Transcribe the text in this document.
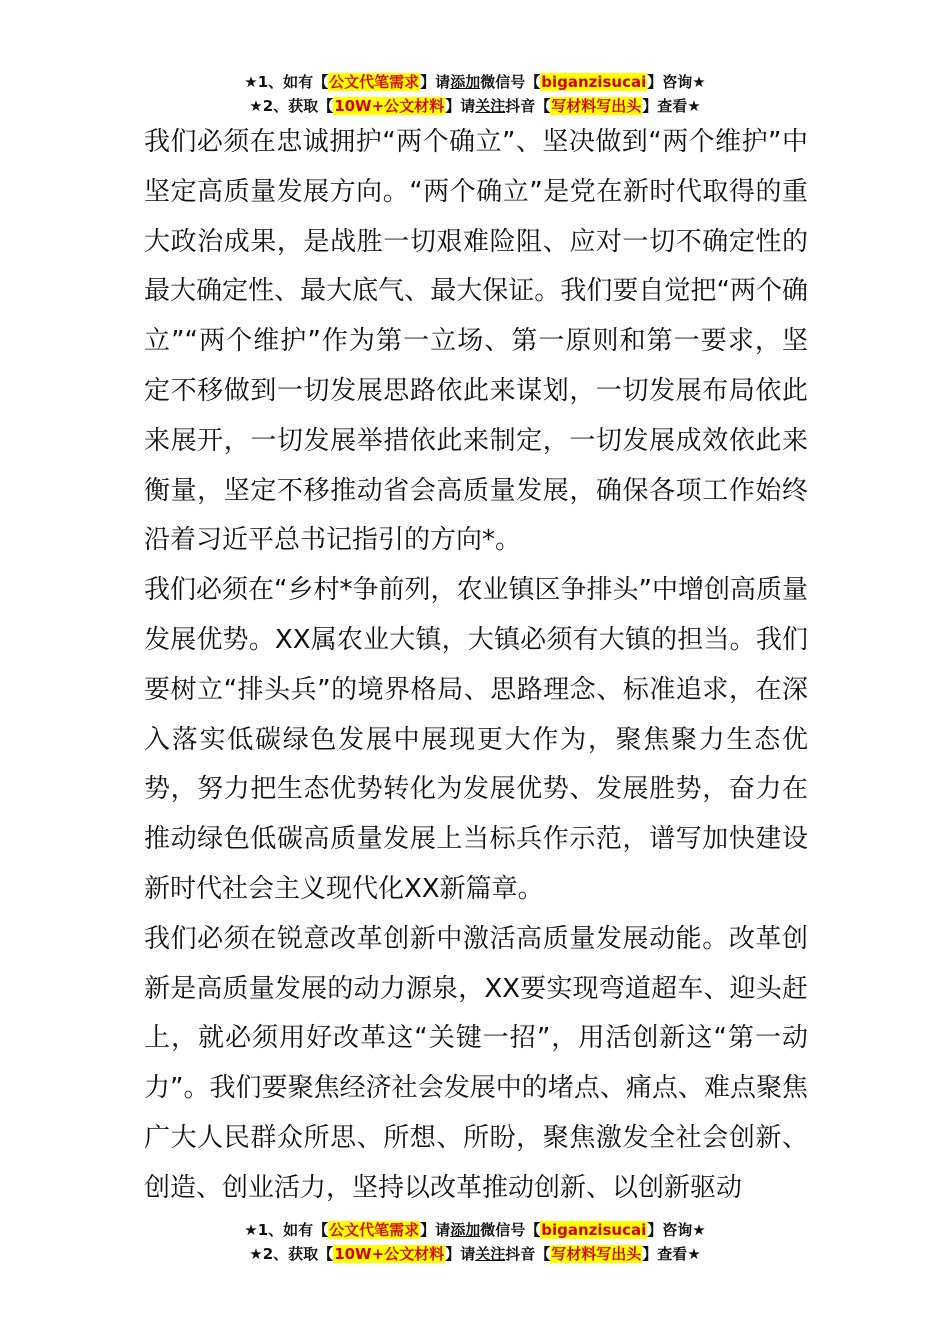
★1、如有【公文代笔需求】请添加微信号【biganzisucai】咨询★
★2、获取【10W+公文材料】请关注抖音【写材料写出头】查看★

我们必须在忠诚拥护“两个确立”、坚决做到“两个维护”中坚定高质量发展方向。“两个确立”是党在新时代取得的重大政治成果，是战胜一切艰难险阻、应对一切不确定性的最大确定性、最大底气、最大保证。我们要自觉把“两个确立”“两个维护”作为第一立场、第一原则和第一要求，坚定不移做到一切发展思路依此来谋划，一切发展布局依此来展开，一切发展举措依此来制定，一切发展成效依此来衡量，坚定不移推动省会高质量发展，确保各项工作始终沿着习近平总书记指引的方向*。

我们必须在“乡村*争前列，农业镇区争排头”中增创高质量发展优势。XX属农业大镇，大镇必须有大镇的担当。我们要树立“排头兵”的境界格局、思路理念、标准追求，在深入落实低碳绿色发展中展现更大作为，聚焦聚力生态优势，努力把生态优势转化为发展优势、发展胜势，奋力在推动绿色低碳高质量发展上当标兵作示范，谱写加快建设新时代社会主义现代化XX新篇章。

我们必须在锐意改革创新中激活高质量发展动能。改革创新是高质量发展的动力源泉，XX要实现弯道超车、迎头赶上，就必须用好改革这“关键一招”，用活创新这“第一动力”。我们要聚焦经济社会发展中的堵点、痛点、难点聚焦广大人民群众所思、所想、所盼，聚焦激发全社会创新、创造、创业活力，坚持以改革推动创新、以创新驱动

★1、如有【公文代笔需求】请添加微信号【biganzisucai】咨询★
★2、获取【10W+公文材料】请关注抖音【写材料写出头】查看★
